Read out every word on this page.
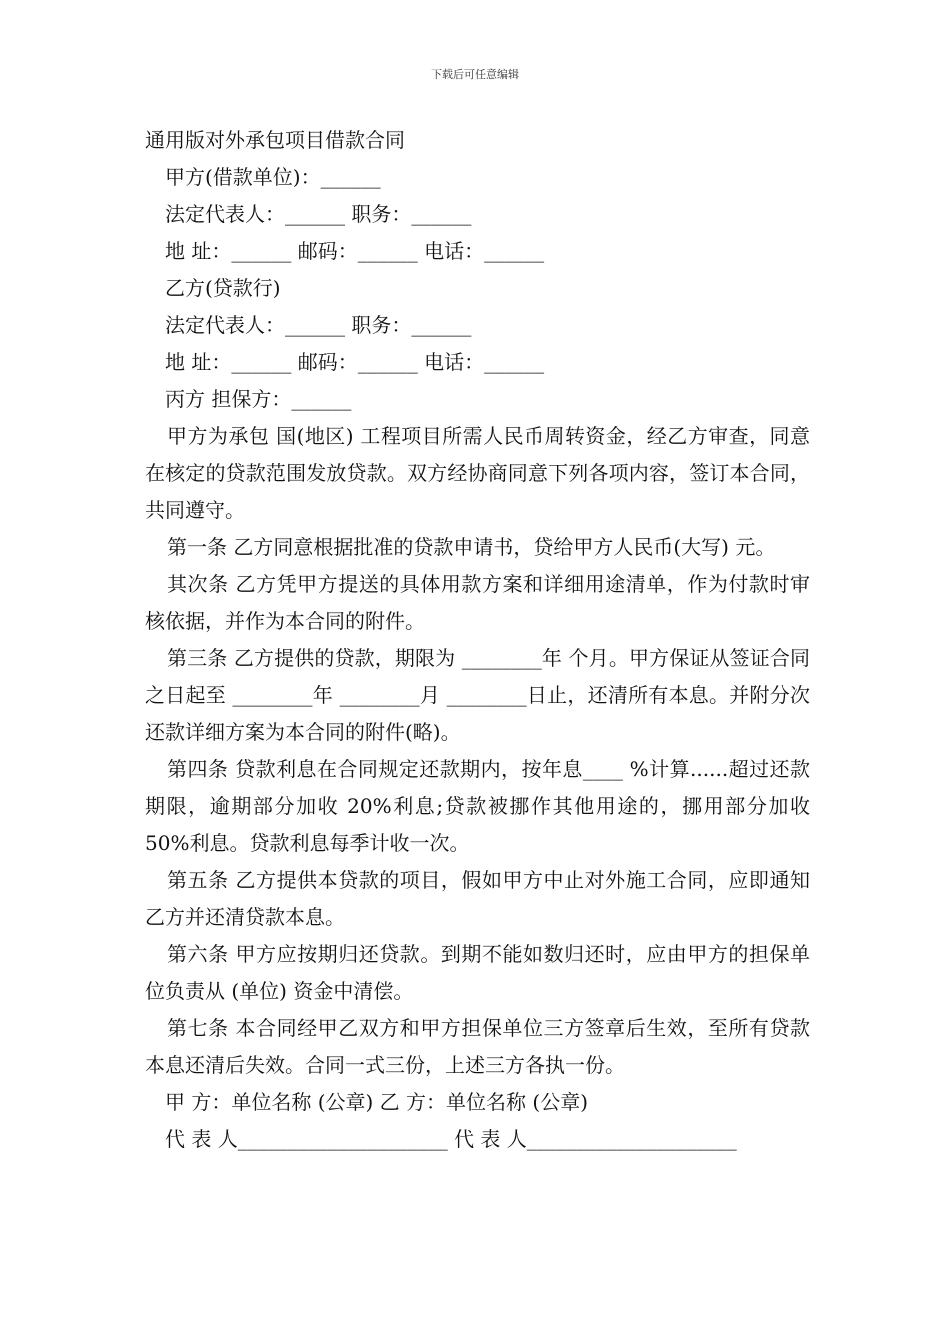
下载后可任意编辑
通用版对外承包项目借款合同
甲方(借款单位)：______
法定代表人：______ 职务：______
地 址：______ 邮码：______ 电话：______
乙方(贷款行)
法定代表人：______ 职务：______
地 址：______ 邮码：______ 电话：______
丙方 担保方：______
甲方为承包 国(地区) 工程项目所需人民币周转资金，经乙方审查，同意在核定的贷款范围发放贷款。双方经协商同意下列各项内容，签订本合同，共同遵守。
第一条 乙方同意根据批准的贷款申请书，贷给甲方人民币(大写) 元。
其次条 乙方凭甲方提送的具体用款方案和详细用途清单，作为付款时审核依据，并作为本合同的附件。
第三条 乙方提供的贷款，期限为 ________年 个月。甲方保证从签证合同之日起至 ________年 ________月 ________日止，还清所有本息。并附分次还款详细方案为本合同的附件(略)。
第四条 贷款利息在合同规定还款期内，按年息____ %计算......超过还款期限，逾期部分加收 20%利息;贷款被挪作其他用途的，挪用部分加收 50%利息。贷款利息每季计收一次。
第五条 乙方提供本贷款的项目，假如甲方中止对外施工合同，应即通知乙方并还清贷款本息。
第六条 甲方应按期归还贷款。到期不能如数归还时，应由甲方的担保单位负责从 (单位) 资金中清偿。
第七条 本合同经甲乙双方和甲方担保单位三方签章后生效，至所有贷款本息还清后失效。合同一式三份，上述三方各执一份。
甲 方：单位名称 (公章) 乙 方：单位名称 (公章)
代 表 人_____________________ 代 表 人_____________________
